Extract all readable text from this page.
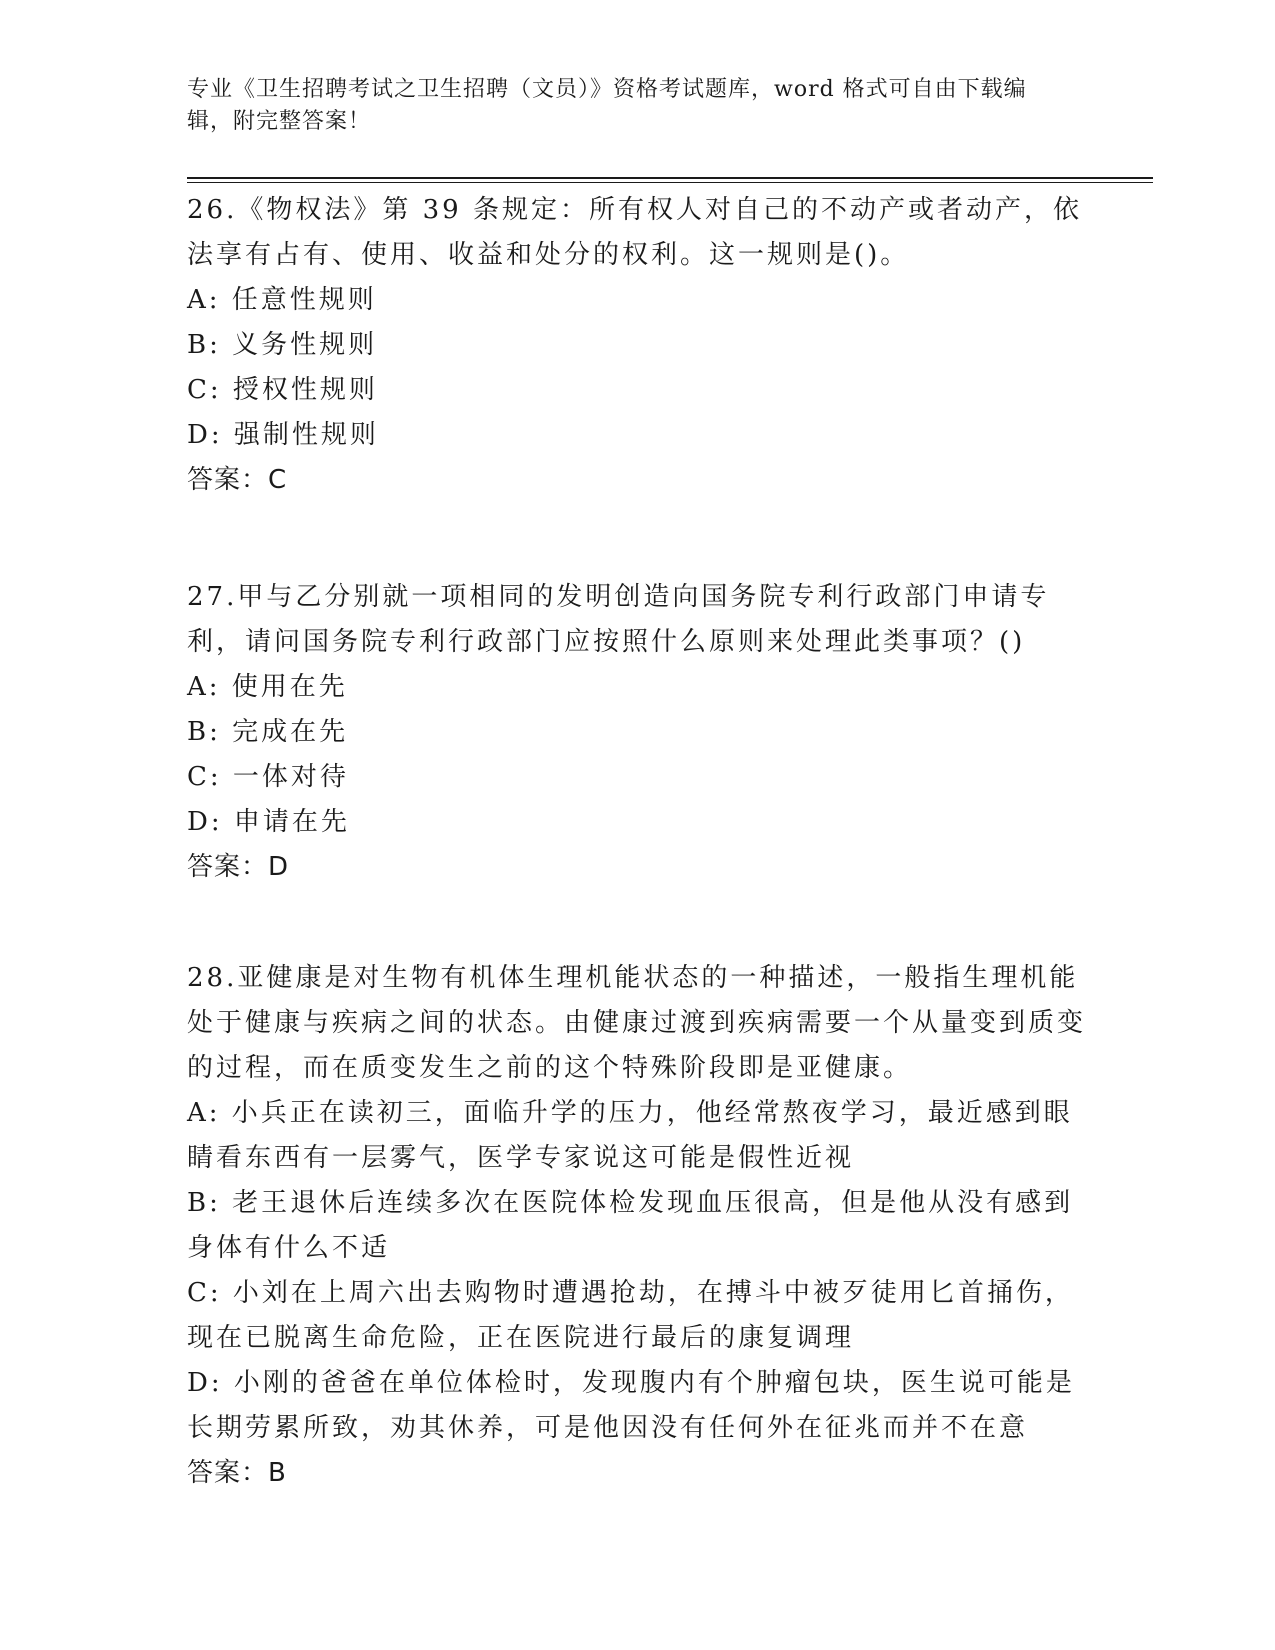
专业《卫生招聘考试之卫生招聘（文员）》资格考试题库，word 格式可自由下载编辑，附完整答案！

26.《物权法》第 39 条规定：所有权人对自己的不动产或者动产，依法享有占有、使用、收益和处分的权利。这一规则是()。

A: 任意性规则

B: 义务性规则

C: 授权性规则

D: 强制性规则

答案：C

27.甲与乙分别就一项相同的发明创造向国务院专利行政部门申请专利，请问国务院专利行政部门应按照什么原则来处理此类事项？()

A: 使用在先

B: 完成在先

C: 一体对待

D: 申请在先

答案：D

28.亚健康是对生物有机体生理机能状态的一种描述，一般指生理机能处于健康与疾病之间的状态。由健康过渡到疾病需要一个从量变到质变的过程，而在质变发生之前的这个特殊阶段即是亚健康。

A: 小兵正在读初三，面临升学的压力，他经常熬夜学习，最近感到眼睛看东西有一层雾气，医学专家说这可能是假性近视

B: 老王退休后连续多次在医院体检发现血压很高，但是他从没有感到身体有什么不适

C: 小刘在上周六出去购物时遭遇抢劫，在搏斗中被歹徒用匕首捅伤，现在已脱离生命危险，正在医院进行最后的康复调理

D: 小刚的爸爸在单位体检时，发现腹内有个肿瘤包块，医生说可能是长期劳累所致，劝其休养，可是他因没有任何外在征兆而并不在意

答案：B
